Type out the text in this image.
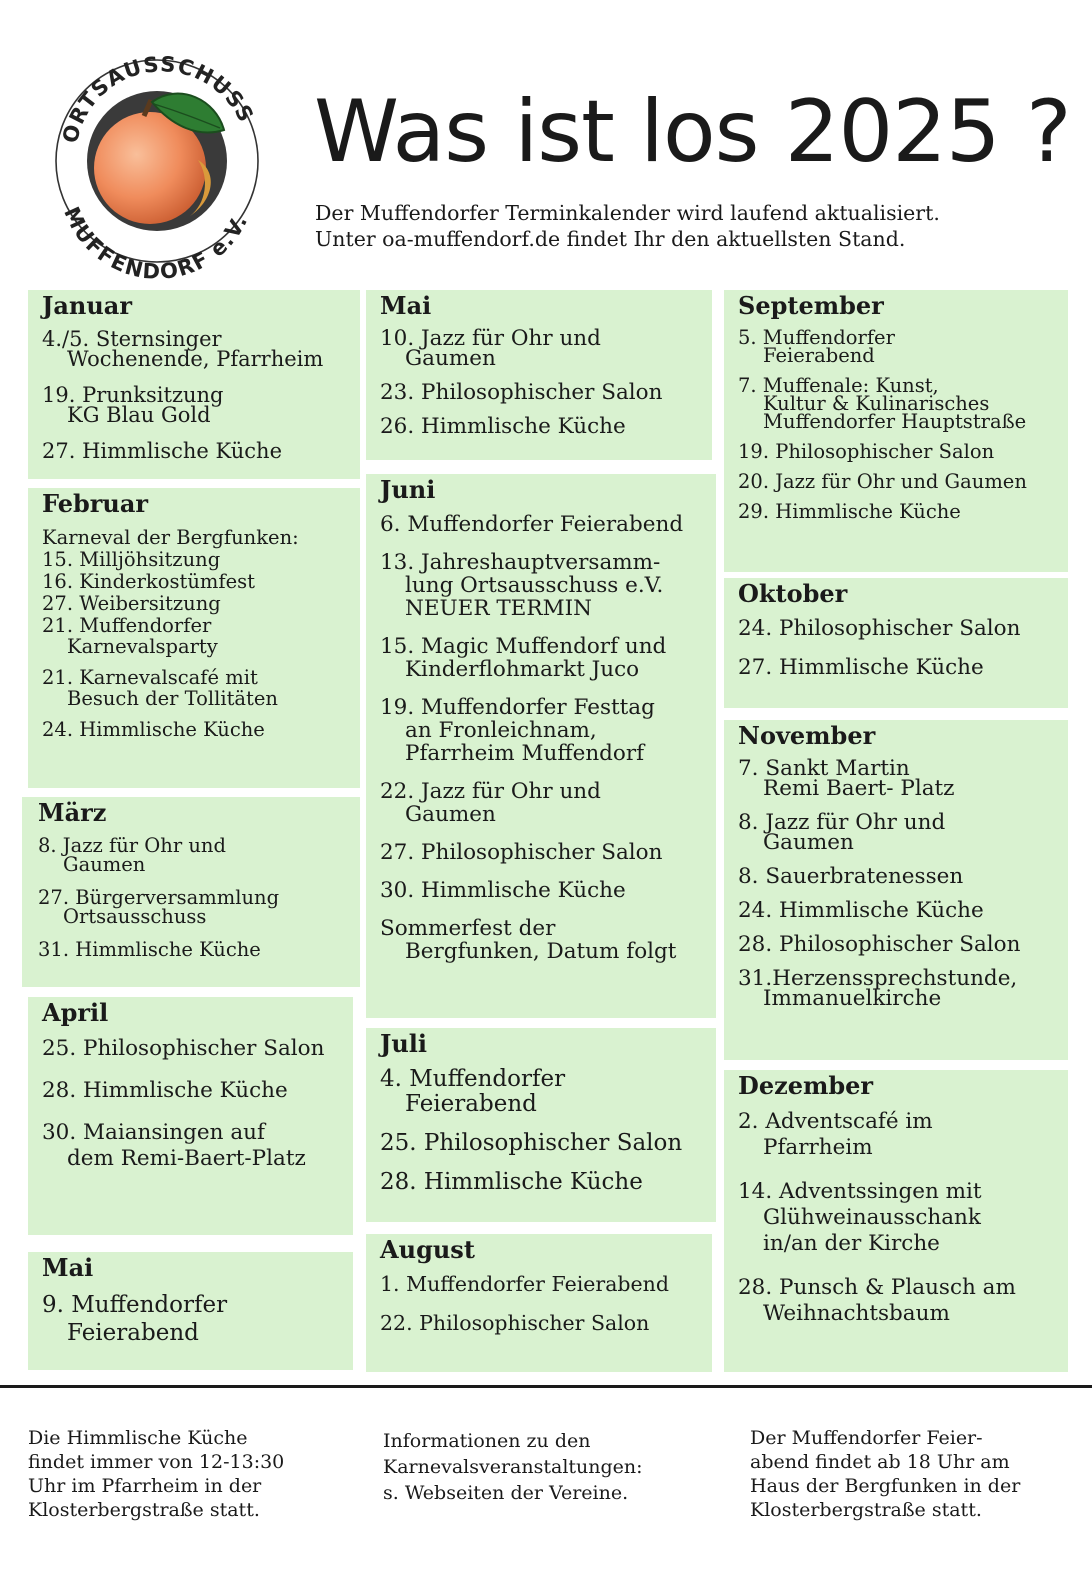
ORTSAUSSCHUSS
MUFFENDORF e.V.
Was ist los 2025 ?
Der Muffendorfer Terminkalender wird laufend aktualisiert.
Unter oa-muffendorf.de findet Ihr den aktuellsten Stand.
Januar
4./5. Sternsinger
Wochenende, Pfarrheim
19. Prunksitzung
KG Blau Gold
27. Himmlische Küche
Februar
Karneval der Bergfunken:
15. Milljöhsitzung
16. Kinderkostümfest
27. Weibersitzung
21. Muffendorfer
Karnevalsparty
21. Karnevalscafé mit
Besuch der Tollitäten
24. Himmlische Küche
März
8. Jazz für Ohr und
Gaumen
27. Bürgerversammlung
Ortsausschuss
31. Himmlische Küche
April
25. Philosophischer Salon
28. Himmlische Küche
30. Maiansingen auf
dem Remi-Baert-Platz
Mai
9. Muffendorfer
Feierabend
Mai
10. Jazz für Ohr und
Gaumen
23. Philosophischer Salon
26. Himmlische Küche
Juni
6. Muffendorfer Feierabend
13. Jahreshauptversamm-
lung Ortsausschuss e.V.
NEUER TERMIN
15. Magic Muffendorf und
Kinderflohmarkt Juco
19. Muffendorfer Festtag
an Fronleichnam,
Pfarrheim Muffendorf
22. Jazz für Ohr und
Gaumen
27. Philosophischer Salon
30. Himmlische Küche
Sommerfest der
Bergfunken, Datum folgt
Juli
4. Muffendorfer
Feierabend
25. Philosophischer Salon
28. Himmlische Küche
August
1. Muffendorfer Feierabend
22. Philosophischer Salon
September
5. Muffendorfer
Feierabend
7. Muffenale: Kunst,
Kultur & Kulinarisches
Muffendorfer Hauptstraße
19. Philosophischer Salon
20. Jazz für Ohr und Gaumen
29. Himmlische Küche
Oktober
24. Philosophischer Salon
27. Himmlische Küche
November
7. Sankt Martin
Remi Baert- Platz
8. Jazz für Ohr und
Gaumen
8. Sauerbratenessen
24. Himmlische Küche
28. Philosophischer Salon
31.Herzenssprechstunde,
Immanuelkirche
Dezember
2. Adventscafé im
Pfarrheim
14. Adventssingen mit
Glühweinausschank
in/an der Kirche
28. Punsch & Plausch am
Weihnachtsbaum
Die Himmlische Küche
findet immer von 12-13:30
Uhr im Pfarrheim in der
Klosterbergstraße statt.
Informationen zu den
Karnevalsveranstaltungen:
s. Webseiten der Vereine.
Der Muffendorfer Feier-
abend findet ab 18 Uhr am
Haus der Bergfunken in der
Klosterbergstraße statt.
